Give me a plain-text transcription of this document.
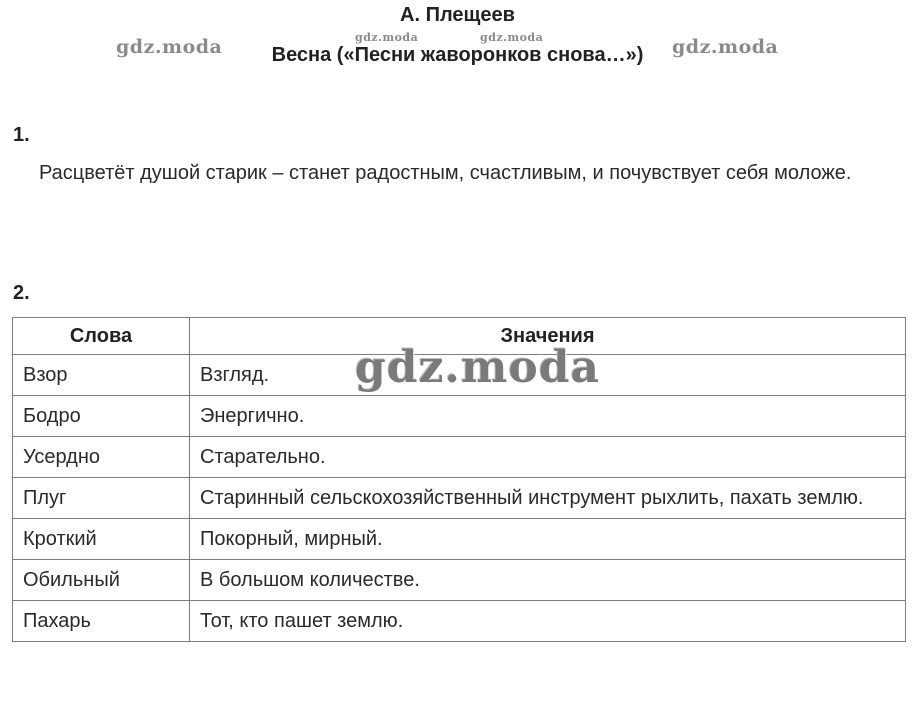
А. Плещеев
Весна («Песни жаворонков снова…»)
gdz.moda	gdz.moda	gdz.moda	gdz.moda
1.
Расцветёт душой старик – станет радостным, счастливым, и почувствует себя моложе.
2.
Слова	Значения
Взор	Взгляд.
Бодро	Энергично.
Усердно	Старательно.
Плуг	Старинный сельскохозяйственный инструмент рыхлить, пахать землю.
Кроткий	Покорный, мирный.
Обильный	В большом количестве.
Пахарь	Тот, кто пашет землю.
gdz.moda
